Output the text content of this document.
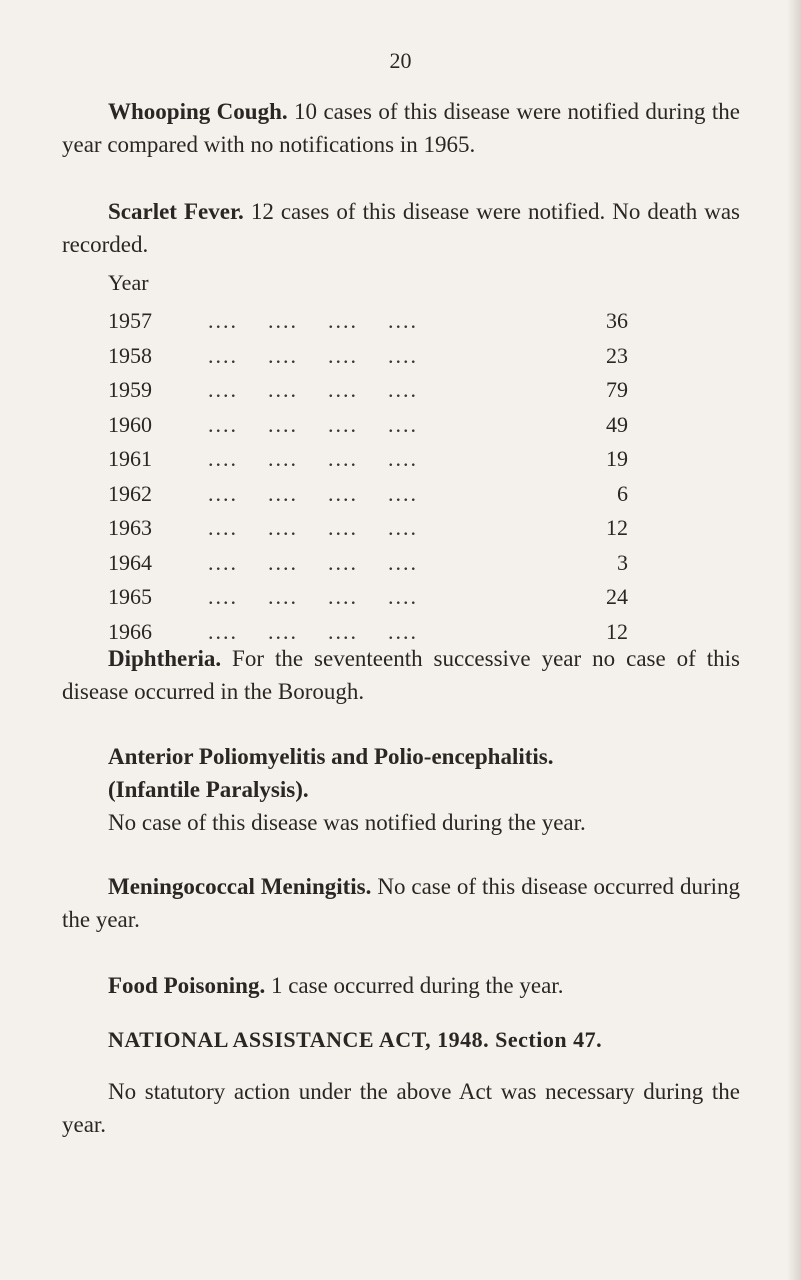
20
Whooping Cough. 10 cases of this disease were notified during the year compared with no notifications in 1965.
Scarlet Fever. 12 cases of this disease were notified. No death was recorded.
Year
1957	....    ....    ....    ....	36
1958	....    ....    ....    ....	23
1959	....    ....    ....    ....	79
1960	....    ....    ....    ....	49
1961	....    ....    ....    ....	19
1962	....    ....    ....    ....	6
1963	....    ....    ....    ....	12
1964	....    ....    ....    ....	3
1965	....    ....    ....    ....	24
1966	....    ....    ....    ....	12
Diphtheria. For the seventeenth successive year no case of this disease occurred in the Borough.
Anterior Poliomyelitis and Polio-encephalitis.
(Infantile Paralysis).
No case of this disease was notified during the year.
Meningococcal Meningitis. No case of this disease occurred during the year.
Food Poisoning. 1 case occurred during the year.
NATIONAL ASSISTANCE ACT, 1948. Section 47.
No statutory action under the above Act was necessary during the year.
